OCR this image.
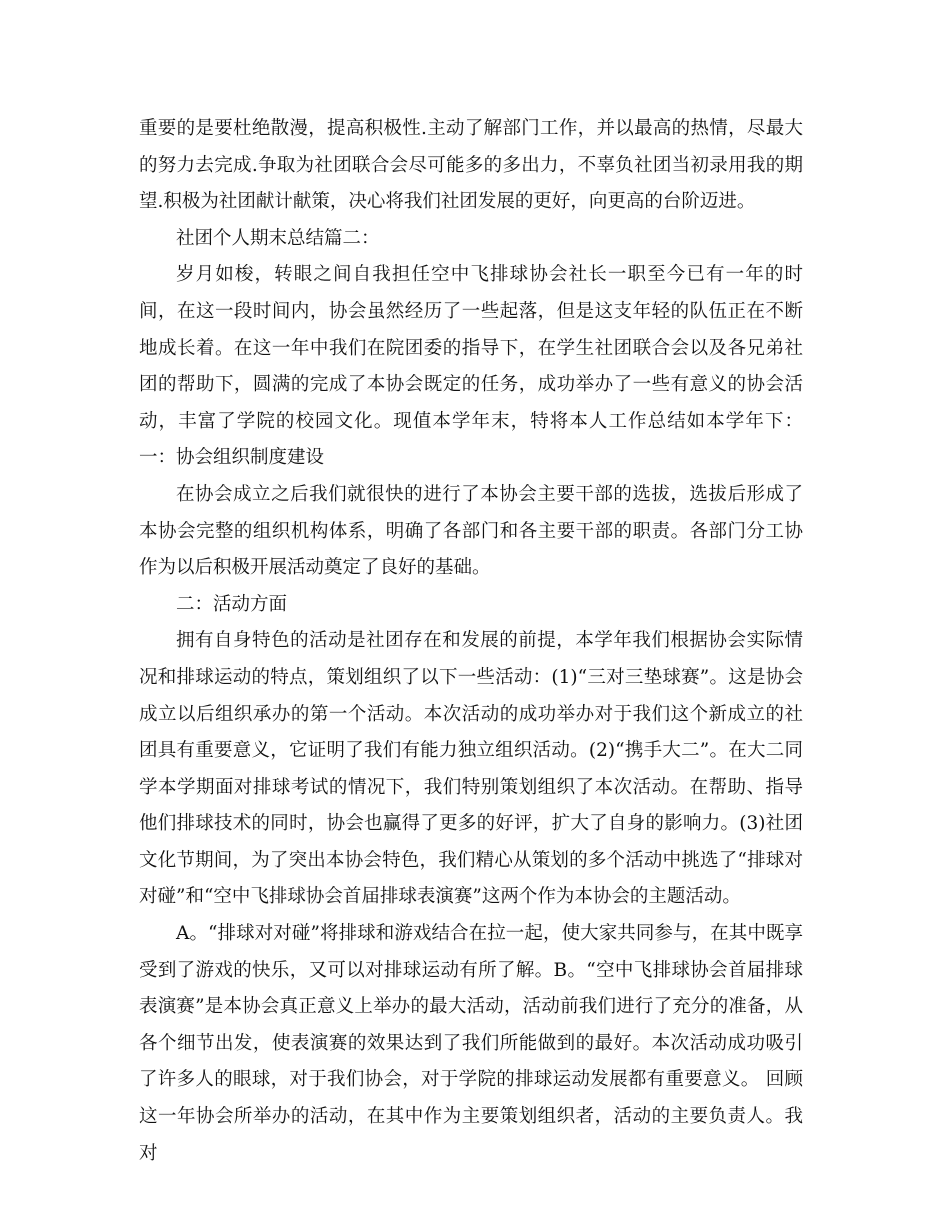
重要的是要杜绝散漫，提高积极性.主动了解部门工作，并以最高的热情，尽最大的努力去完成.争取为社团联合会尽可能多的多出力，不辜负社团当初录用我的期望.积极为社团献计献策，决心将我们社团发展的更好，向更高的台阶迈进。

社团个人期末总结篇二：

岁月如梭，转眼之间自我担任空中飞排球协会社长一职至今已有一年的时间，在这一段时间内，协会虽然经历了一些起落，但是这支年轻的队伍正在不断地成长着。在这一年中我们在院团委的指导下，在学生社团联合会以及各兄弟社团的帮助下，圆满的完成了本协会既定的任务，成功举办了一些有意义的协会活动，丰富了学院的校园文化。现值本学年末，特将本人工作总结如本学年下： 一：协会组织制度建设

在协会成立之后我们就很快的进行了本协会主要干部的选拔，选拔后形成了本协会完整的组织机构体系，明确了各部门和各主要干部的职责。各部门分工协作为以后积极开展活动奠定了良好的基础。

二：活动方面

拥有自身特色的活动是社团存在和发展的前提，本学年我们根据协会实际情况和排球运动的特点，策划组织了以下一些活动：(1)“三对三垫球赛”。这是协会成立以后组织承办的第一个活动。本次活动的成功举办对于我们这个新成立的社团具有重要意义，它证明了我们有能力独立组织活动。(2)“携手大二”。在大二同学本学期面对排球考试的情况下，我们特别策划组织了本次活动。在帮助、指导他们排球技术的同时，协会也赢得了更多的好评，扩大了自身的影响力。(3)社团文化节期间，为了突出本协会特色，我们精心从策划的多个活动中挑选了“排球对对碰”和“空中飞排球协会首届排球表演赛”这两个作为本协会的主题活动。

A。“排球对对碰”将排球和游戏结合在拉一起，使大家共同参与，在其中既享受到了游戏的快乐，又可以对排球运动有所了解。B。“空中飞排球协会首届排球表演赛”是本协会真正意义上举办的最大活动，活动前我们进行了充分的准备，从各个细节出发，使表演赛的效果达到了我们所能做到的最好。本次活动成功吸引了许多人的眼球，对于我们协会，对于学院的排球运动发展都有重要意义。 回顾这一年协会所举办的活动，在其中作为主要策划组织者，活动的主要负责人。我对
